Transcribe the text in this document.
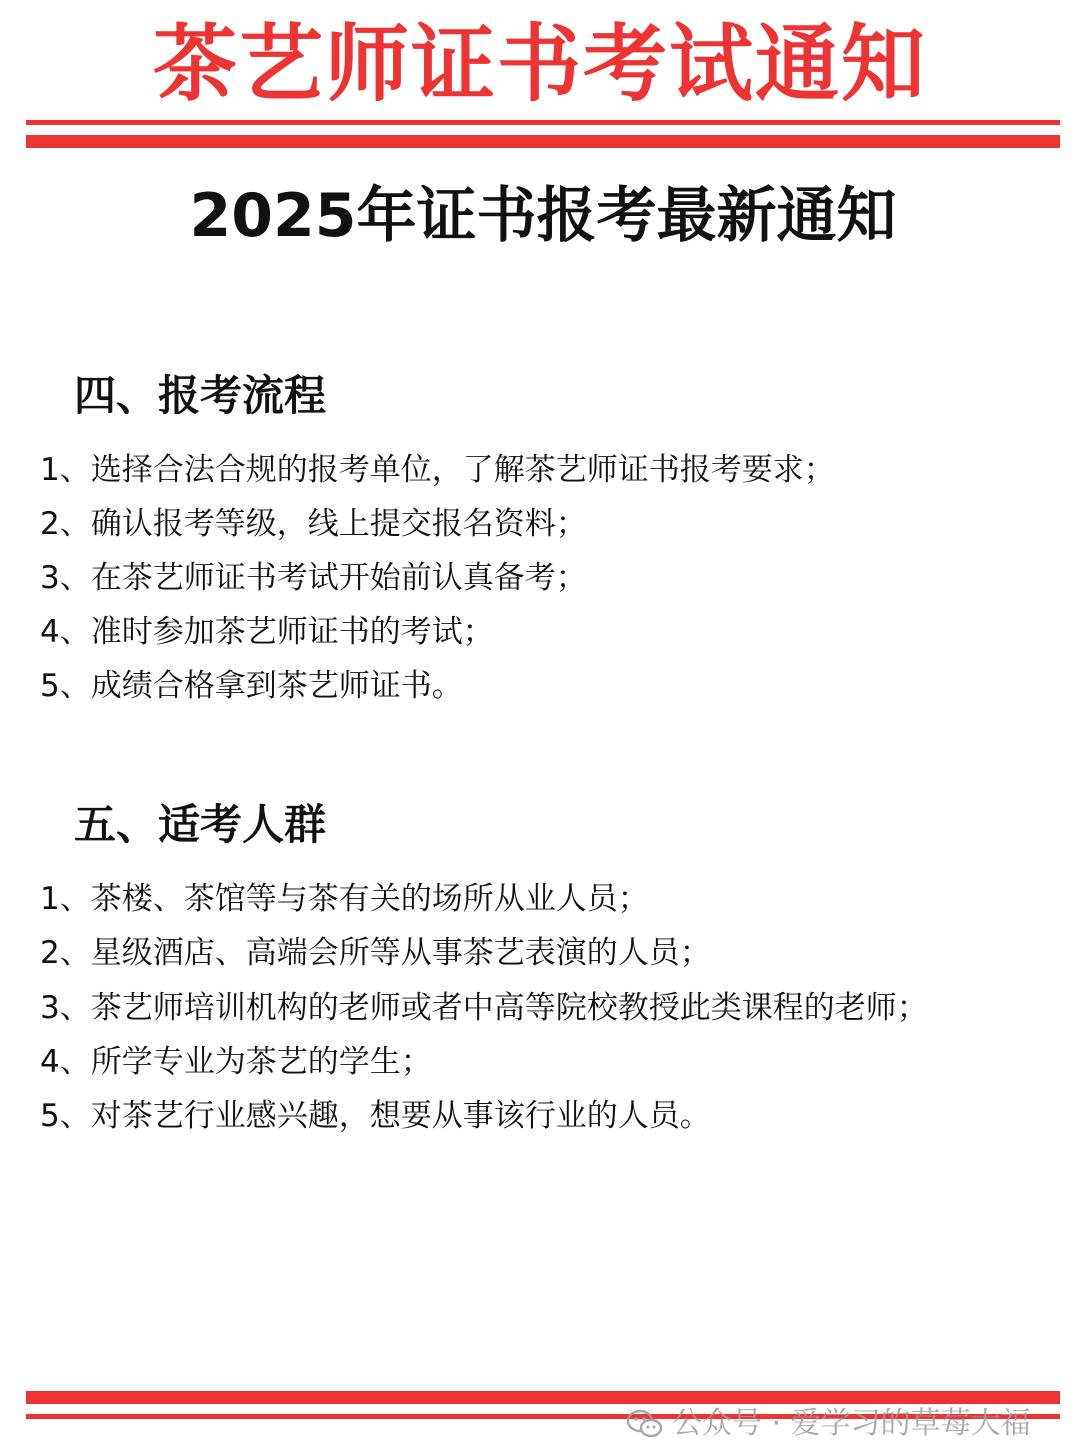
茶艺师证书考试通知
2025年证书报考最新通知
四、报考流程
1、选择合法合规的报考单位，了解茶艺师证书报考要求；
2、确认报考等级，线上提交报名资料；
3、在茶艺师证书考试开始前认真备考；
4、准时参加茶艺师证书的考试；
5、成绩合格拿到茶艺师证书。
五、适考人群
1、茶楼、茶馆等与茶有关的场所从业人员；
2、星级酒店、高端会所等从事茶艺表演的人员；
3、茶艺师培训机构的老师或者中高等院校教授此类课程的老师；
4、所学专业为茶艺的学生；
5、对茶艺行业感兴趣，想要从事该行业的人员。
公众号 · 爱学习的草莓大福
